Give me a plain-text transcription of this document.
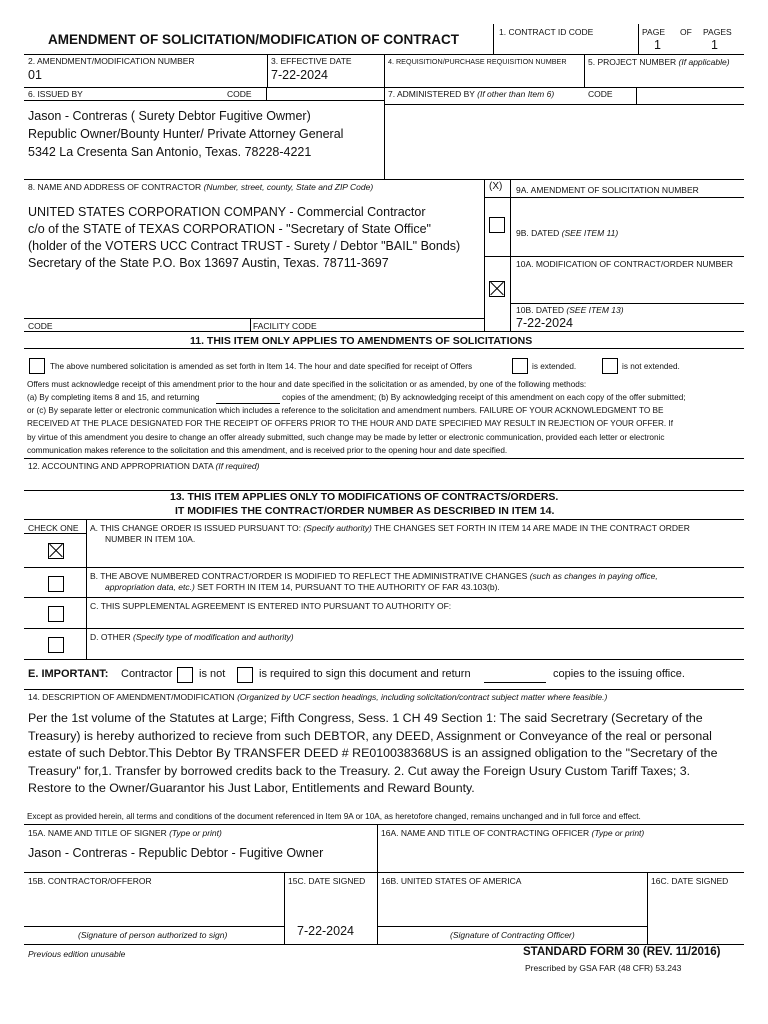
AMENDMENT OF SOLICITATION/MODIFICATION OF CONTRACT	1. CONTRACT ID CODE	PAGE OF PAGES
1	1
2. AMENDMENT/MODIFICATION NUMBER
01
3. EFFECTIVE DATE
7-22-2024
4. REQUISITION/PURCHASE REQUISITION NUMBER	5. PROJECT NUMBER (If applicable)
6. ISSUED BY	CODE
Jason - Contreras ( Surety Debtor Fugitive Owmer)
Republic Owner/Bounty Hunter/ Private Attorney General
5342 La Cresenta San Antonio, Texas. 78228-4221
7. ADMINISTERED BY (If other than Item 6)	CODE
8. NAME AND ADDRESS OF CONTRACTOR (Number, street, county, State and ZIP Code)
UNITED STATES CORPORATION COMPANY - Commercial Contractor
c/o of the STATE of TEXAS CORPORATION - "Secretary of State Office"
(holder of the VOTERS UCC Contract TRUST - Surety / Debtor "BAIL" Bonds)
Secretary of the State P.O. Box 13697 Austin, Texas. 78711-3697
(X) 9A. AMENDMENT OF SOLICITATION NUMBER
9B. DATED (SEE ITEM 11)
10A. MODIFICATION OF CONTRACT/ORDER NUMBER
10B. DATED (SEE ITEM 13)
7-22-2024
CODE	FACILITY CODE
11. THIS ITEM ONLY APPLIES TO AMENDMENTS OF SOLICITATIONS
The above numbered solicitation is amended as set forth in Item 14. The hour and date specified for receipt of Offers	is extended.	is not extended.
Offers must acknowledge receipt of this amendment prior to the hour and date specified in the solicitation or as amended, by one of the following methods:
(a) By completing items 8 and 15, and returning	copies of the amendment; (b) By acknowledging receipt of this amendment on each copy of the offer submitted;
or (c) By separate letter or electronic communication which includes a reference to the solicitation and amendment numbers. FAILURE OF YOUR ACKNOWLEDGMENT TO BE
RECEIVED AT THE PLACE DESIGNATED FOR THE RECEIPT OF OFFERS PRIOR TO THE HOUR AND DATE SPECIFIED MAY RESULT IN REJECTION OF YOUR OFFER. If
by virtue of this amendment you desire to change an offer already submitted, such change may be made by letter or electronic communication, provided each letter or electronic
communication makes reference to the solicitation and this amendment, and is received prior to the opening hour and date specified.
12. ACCOUNTING AND APPROPRIATION DATA (If required)
13. THIS ITEM APPLIES ONLY TO MODIFICATIONS OF CONTRACTS/ORDERS.
IT MODIFIES THE CONTRACT/ORDER NUMBER AS DESCRIBED IN ITEM 14.
CHECK ONE A. THIS CHANGE ORDER IS ISSUED PURSUANT TO: (Specify authority) THE CHANGES SET FORTH IN ITEM 14 ARE MADE IN THE CONTRACT ORDER
NUMBER IN ITEM 10A.
B. THE ABOVE NUMBERED CONTRACT/ORDER IS MODIFIED TO REFLECT THE ADMINISTRATIVE CHANGES (such as changes in paying office,
appropriation data, etc.) SET FORTH IN ITEM 14, PURSUANT TO THE AUTHORITY OF FAR 43.103(b).
C. THIS SUPPLEMENTAL AGREEMENT IS ENTERED INTO PURSUANT TO AUTHORITY OF:
D. OTHER (Specify type of modification and authority)
E. IMPORTANT: Contractor is not	is required to sign this document and return	copies to the issuing office.
14. DESCRIPTION OF AMENDMENT/MODIFICATION (Organized by UCF section headings, including solicitation/contract subject matter where feasible.)
Per the 1st volume of the Statutes at Large; Fifth Congress, Sess. 1 CH 49 Section 1: The said Secretrary (Secretary of the Treasury) is hereby authorized to recieve from such DEBTOR, any DEED, Assignment or Conveyance of the real or personal estate of such Debtor.This Debtor By TRANSFER DEED # RE010038368US is an assigned obligation to the "Secretary of the Treasury" for,1. Transfer by borrowed credits back to the Treasury. 2. Cut away the Foreign Usury Custom Tariff Taxes; 3. Restore to the Owner/Guarantor his Just Labor, Entitlements and Reward Bounty.
Except as provided herein, all terms and conditions of the document referenced in Item 9A or 10A, as heretofore changed, remains unchanged and in full force and effect.
15A. NAME AND TITLE OF SIGNER (Type or print)
Jason - Contreras - Republic Debtor - Fugitive Owner
16A. NAME AND TITLE OF CONTRACTING OFFICER (Type or print)
15B. CONTRACTOR/OFFEROR	15C. DATE SIGNED 16B. UNITED STATES OF AMERICA	16C. DATE SIGNED
7-22-2024
(Signature of person authorized to sign)	(Signature of Contracting Officer)
Previous edition unusable	STANDARD FORM 30 (REV. 11/2016)
Prescribed by GSA FAR (48 CFR) 53.243
